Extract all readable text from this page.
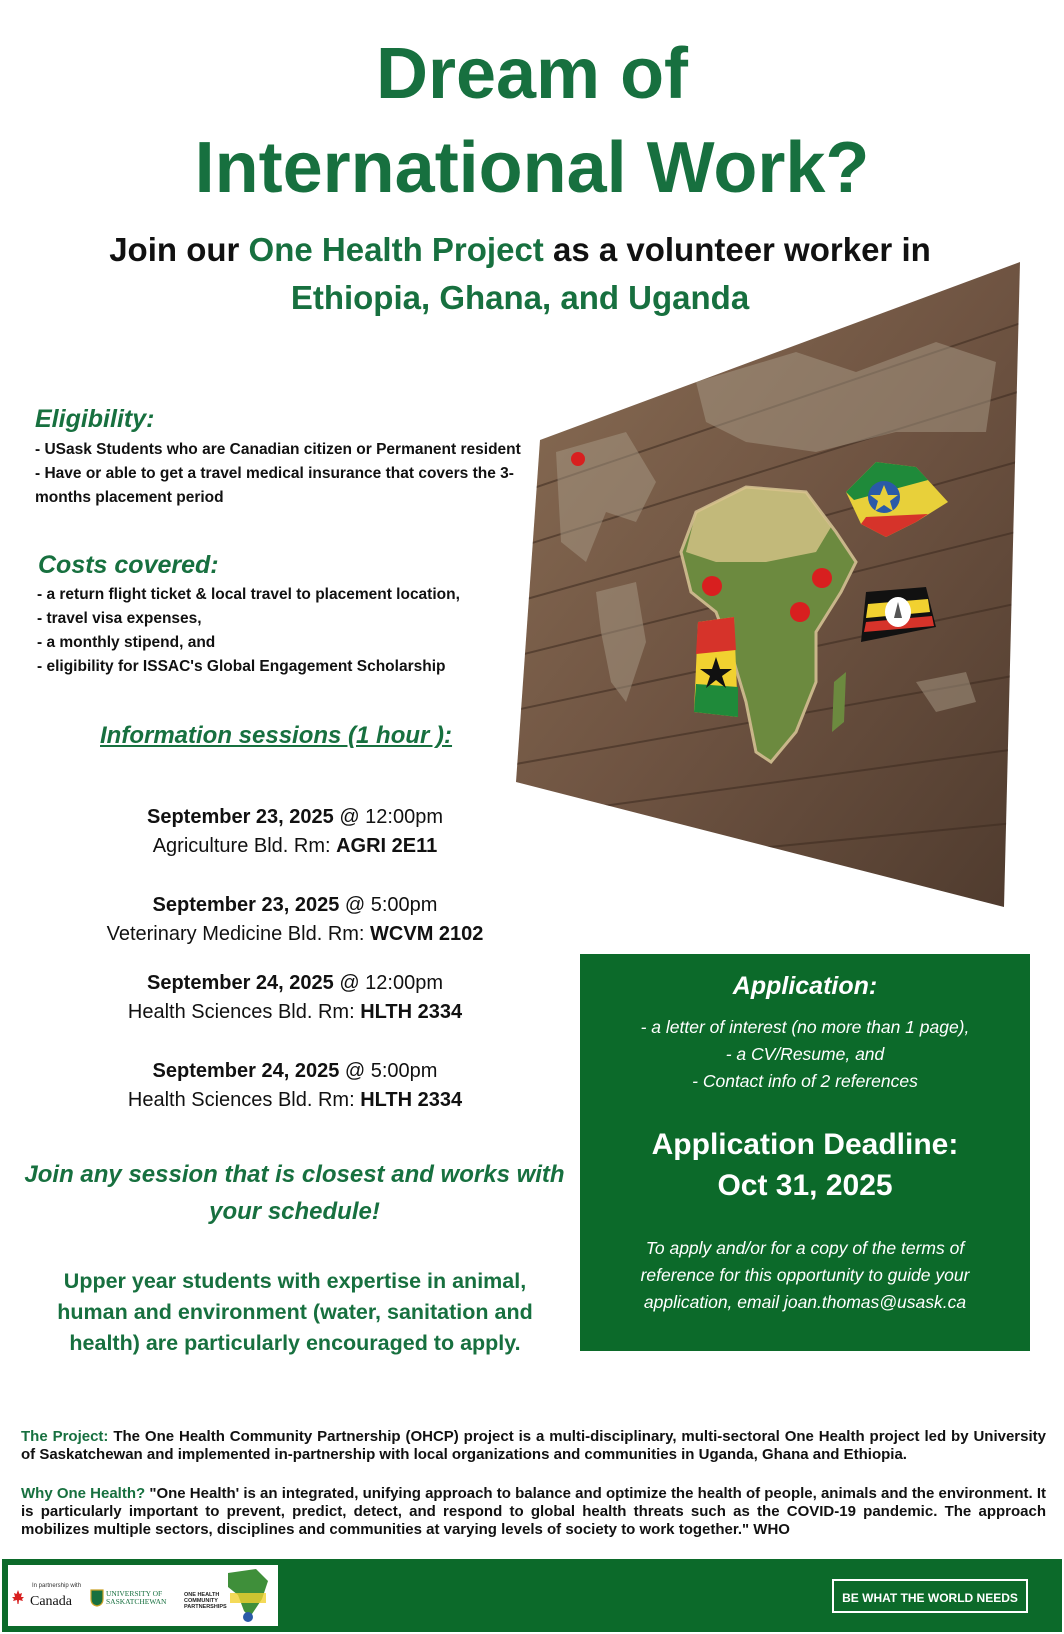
Dream of
International Work?
Join our One Health Project as a volunteer worker in
Ethiopia, Ghana, and Uganda
Eligibility:
- USask Students who are Canadian citizen or Permanent resident
- Have or able to get a travel medical insurance that covers the 3-months placement period
Costs covered:
- a return flight ticket & local travel to placement location,
- travel visa expenses,
- a monthly stipend, and
- eligibility for ISSAC's Global Engagement Scholarship
Information sessions (1 hour ):
September 23, 2025 @ 12:00pm
Agriculture Bld. Rm: AGRI 2E11
September 23, 2025 @ 5:00pm
Veterinary Medicine Bld. Rm: WCVM 2102
September 24, 2025 @ 12:00pm
Health Sciences Bld. Rm: HLTH 2334
September 24, 2025 @ 5:00pm
Health Sciences Bld. Rm: HLTH 2334
Join any session that is closest and works with your schedule!
Upper year students with expertise in animal, human and environment (water, sanitation and health) are particularly encouraged to apply.
Application:
- a letter of interest (no more than 1 page),
- a CV/Resume, and
- Contact info of 2 references
Application Deadline:
Oct 31, 2025
To apply and/or for a copy of the terms of reference for this opportunity to guide your application, email joan.thomas@usask.ca
The Project: The One Health Community Partnership (OHCP) project is a multi-disciplinary, multi-sectoral One Health project led by University of Saskatchewan and implemented in-partnership with local organizations and communities in Uganda, Ghana and Ethiopia.
Why One Health? "One Health' is an integrated, unifying approach to balance and optimize the health of people, animals and the environment. It is particularly important to prevent, predict, detect, and respond to global health threats such as the COVID-19 pandemic. The approach mobilizes multiple sectors, disciplines and communities at varying levels of society to work together." WHO
In partnership with
Canada
UNIVERSITY OF SASKATCHEWAN
ONE HEALTH COMMUNITY PARTNERSHIPS
BE WHAT THE WORLD NEEDS
